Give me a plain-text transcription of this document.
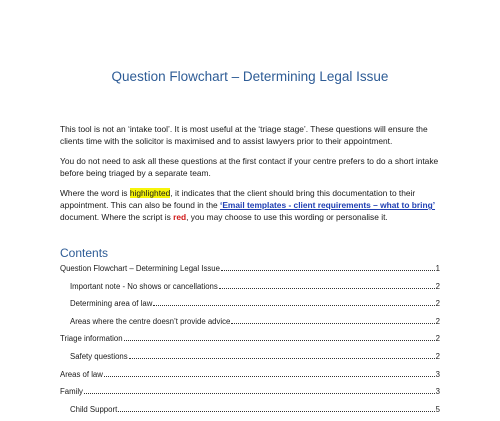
Question Flowchart – Determining Legal Issue

This tool is not an ‘intake tool’. It is most useful at the ‘triage stage’. These questions will ensure the clients time with the solicitor is maximised and to assist lawyers prior to their appointment.

You do not need to ask all these questions at the first contact if your centre prefers to do a short intake before being triaged by a separate team.

Where the word is highlighted, it indicates that the client should bring this documentation to their appointment. This can also be found in the ‘Email templates - client requirements – what to bring’ document. Where the script is red, you may choose to use this wording or personalise it.

Contents
Question Flowchart – Determining Legal Issue	1
Important note - No shows or cancellations	2
Determining area of law	2
Areas where the centre doesn’t provide advice	2
Triage information	2
Safety questions	2
Areas of law	3
Family	3
Child Support	5
